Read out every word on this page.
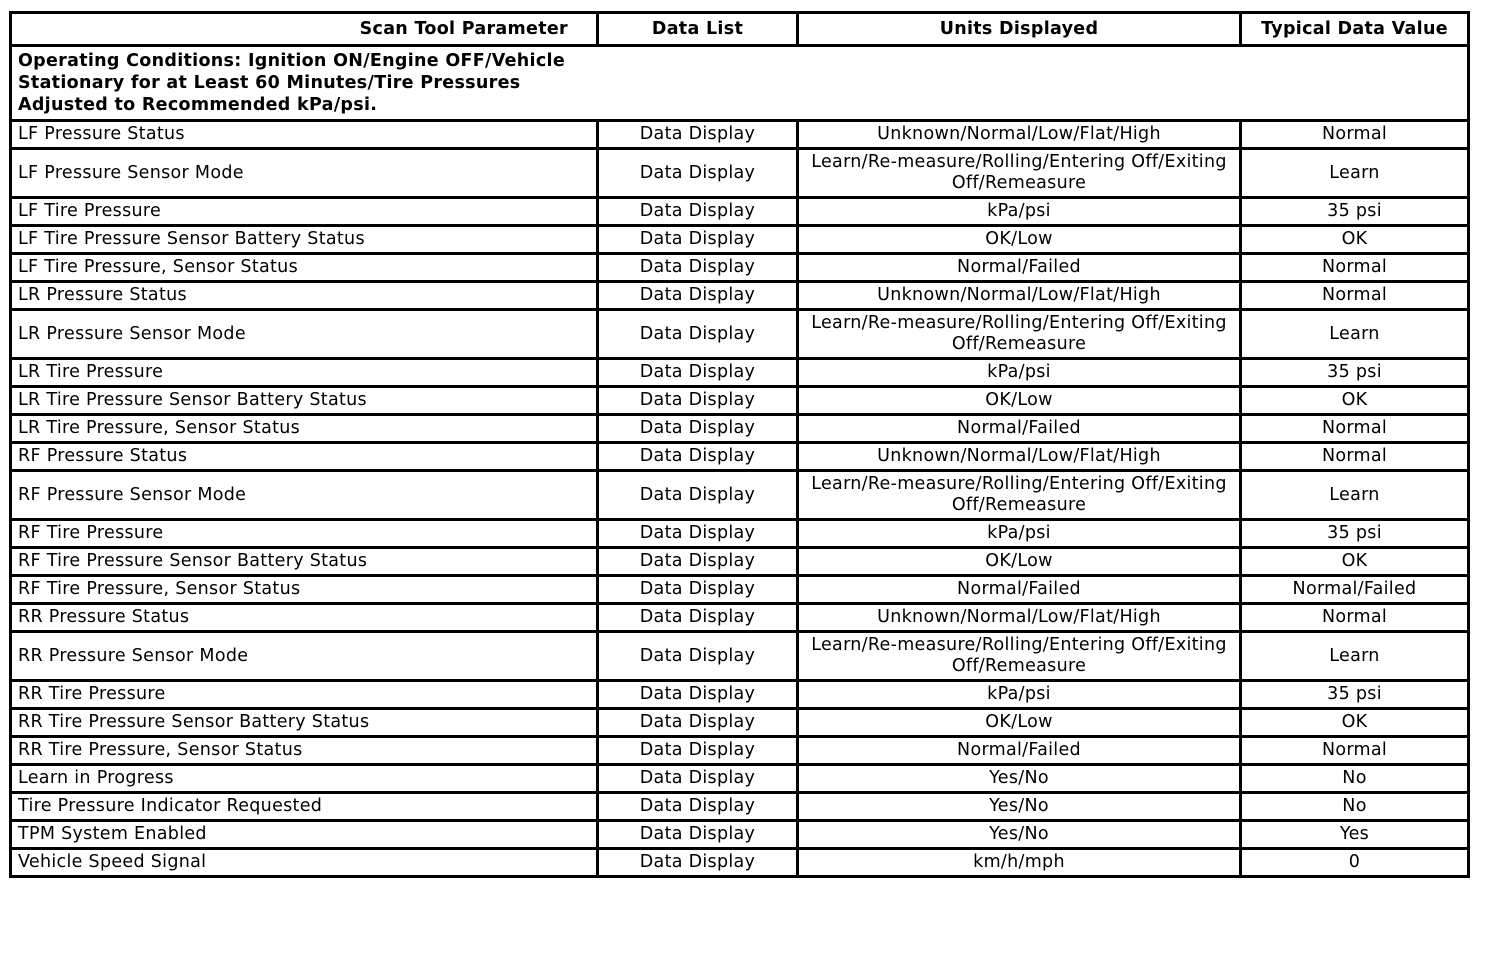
Scan Tool Parameter	Data List	Units Displayed	Typical Data Value
Operating Conditions: Ignition ON/Engine OFF/Vehicle
Stationary for at Least 60 Minutes/Tire Pressures
Adjusted to Recommended kPa/psi.			
LF Pressure Status	Data Display	Unknown/Normal/Low/Flat/High	Normal
LF Pressure Sensor Mode	Data Display	Learn/Re-measure/Rolling/Entering Off/Exiting Off/Remeasure	Learn
LF Tire Pressure	Data Display	kPa/psi	35 psi
LF Tire Pressure Sensor Battery Status	Data Display	OK/Low	OK
LF Tire Pressure, Sensor Status	Data Display	Normal/Failed	Normal
LR Pressure Status	Data Display	Unknown/Normal/Low/Flat/High	Normal
LR Pressure Sensor Mode	Data Display	Learn/Re-measure/Rolling/Entering Off/Exiting Off/Remeasure	Learn
LR Tire Pressure	Data Display	kPa/psi	35 psi
LR Tire Pressure Sensor Battery Status	Data Display	OK/Low	OK
LR Tire Pressure, Sensor Status	Data Display	Normal/Failed	Normal
RF Pressure Status	Data Display	Unknown/Normal/Low/Flat/High	Normal
RF Pressure Sensor Mode	Data Display	Learn/Re-measure/Rolling/Entering Off/Exiting Off/Remeasure	Learn
RF Tire Pressure	Data Display	kPa/psi	35 psi
RF Tire Pressure Sensor Battery Status	Data Display	OK/Low	OK
RF Tire Pressure, Sensor Status	Data Display	Normal/Failed	Normal/Failed
RR Pressure Status	Data Display	Unknown/Normal/Low/Flat/High	Normal
RR Pressure Sensor Mode	Data Display	Learn/Re-measure/Rolling/Entering Off/Exiting Off/Remeasure	Learn
RR Tire Pressure	Data Display	kPa/psi	35 psi
RR Tire Pressure Sensor Battery Status	Data Display	OK/Low	OK
RR Tire Pressure, Sensor Status	Data Display	Normal/Failed	Normal
Learn in Progress	Data Display	Yes/No	No
Tire Pressure Indicator Requested	Data Display	Yes/No	No
TPM System Enabled	Data Display	Yes/No	Yes
Vehicle Speed Signal	Data Display	km/h/mph	0
